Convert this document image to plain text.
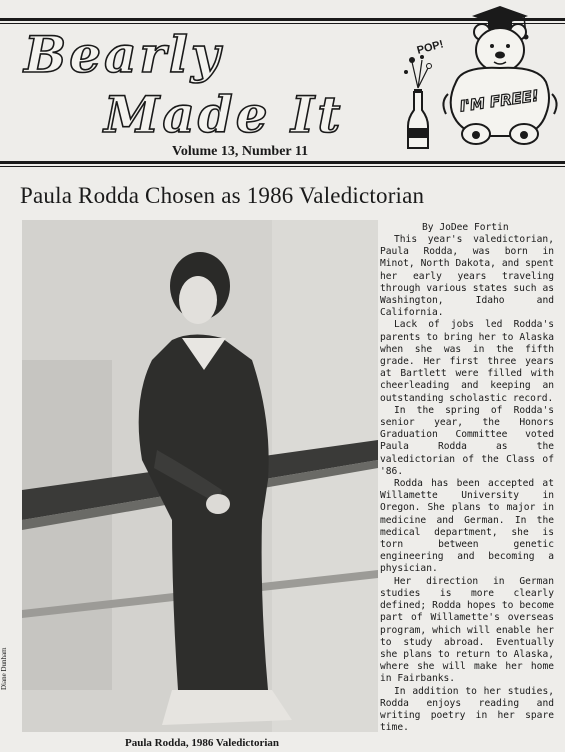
Bearly
Made It
Volume 13, Number 11
POP!
I'M FREE!
Paula Rodda Chosen as 1986 Valedictorian
Diane Dunham
Paula Rodda, 1986 Valedictorian
By JoDee Fortin

This year's valedictorian, Paula Rodda, was born in Minot, North Dakota, and spent her early years traveling through various states such as Washington, Idaho and California.

Lack of jobs led Rodda's parents to bring her to Alaska when she was in the fifth grade. Her first three years at Bartlett were filled with cheerleading and keeping an outstanding scholastic record.

In the spring of Rodda's senior year, the Honors Graduation Committee voted Paula Rodda as the valedictorian of the Class of '86.

Rodda has been accepted at Willamette University in Oregon. She plans to major in medicine and German. In the medical department, she is torn between genetic engineering and becoming a physician.

Her direction in German studies is more clearly defined; Rodda hopes to become part of Willamette's overseas program, which will enable her to study abroad. Eventually she plans to return to Alaska, where she will make her home in Fairbanks.

In addition to her studies, Rodda enjoys reading and writing poetry in her spare time.
